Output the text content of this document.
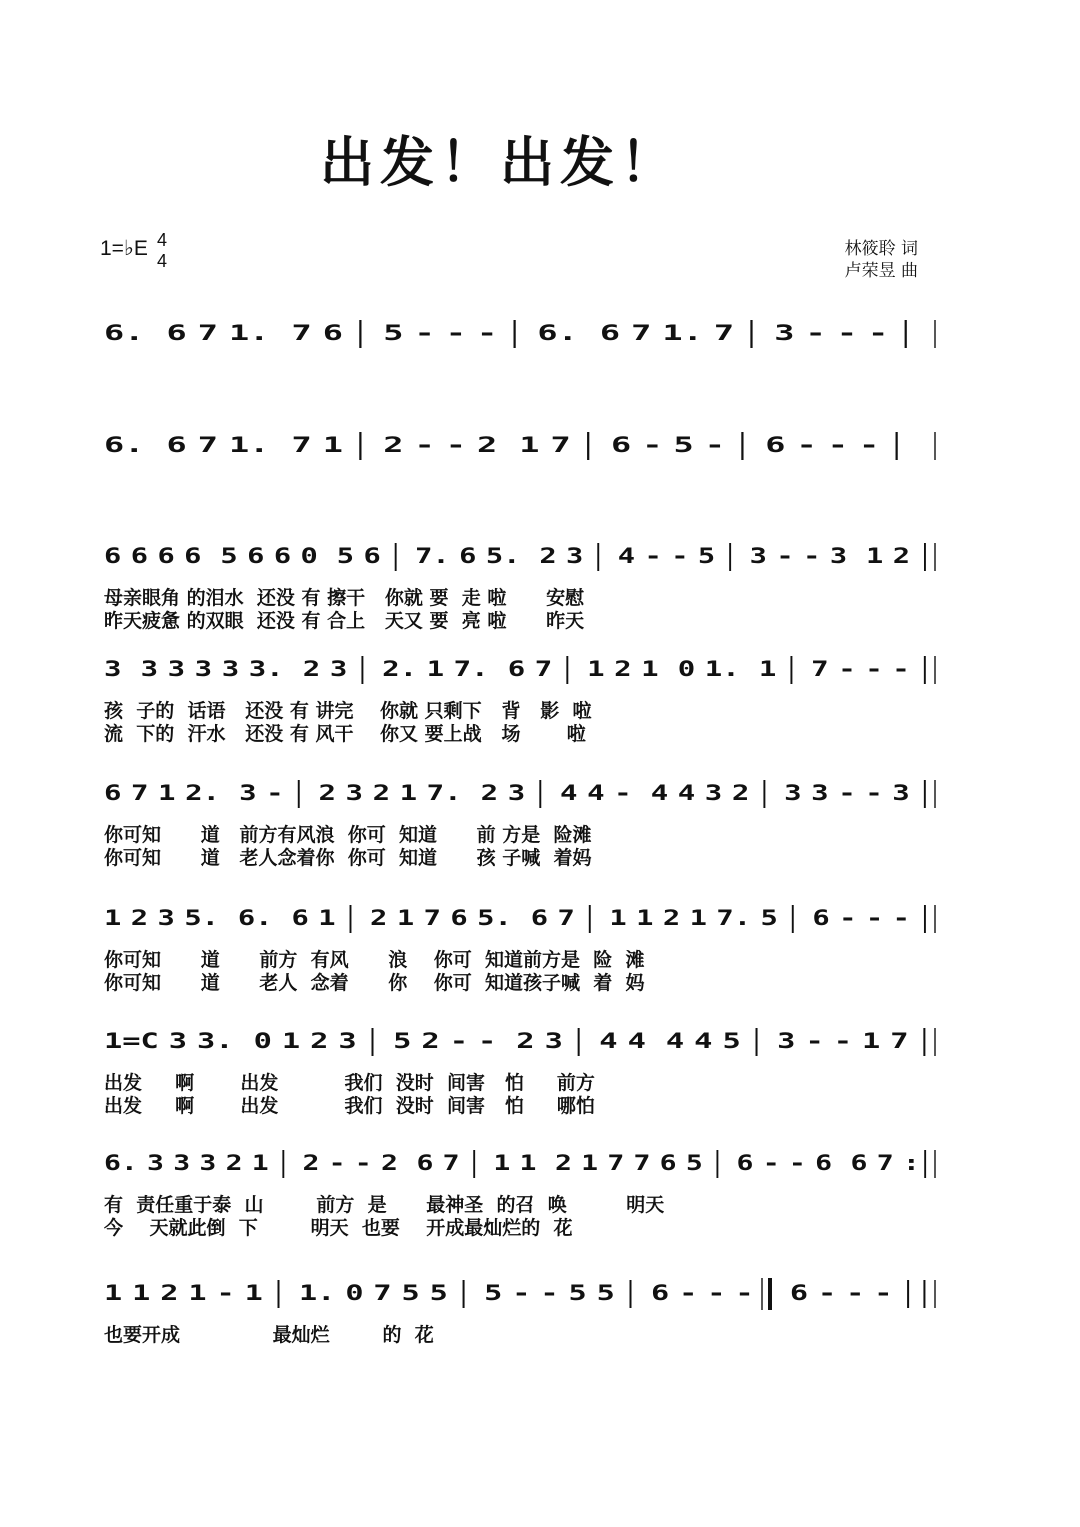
出发！出发！
1=♭E 4
4
林筱聆 词
卢荣昱 曲
6 . 6 7 1 . 7 6 5 - - - 6 . 6 7 1 . 7 3 - - -
6 . 6 7 1 . 7 1 2 - - 2 1 7 6 - 5 - 6 - - -
6 6 6 6 5 6 6 0 5 6 7 . 6 5 . 2 3 4 - - 5 3 - - 3 1 2
3 3 3 3 3 3 . 2 3 2 . 1 7 . 6 7 1 2 1 0 1 . 1 7 - - -
6 7 1 2 . 3 - 2 3 2 1 7 . 2 3 4 4 - 4 4 3 2 3 3 - - 3
1 2 3 5 . 6 . 6 1 2 1 7 6 5 . 6 7 1 1 2 1 7 . 5 6 - - -
1 = C 3 3 . 0 1 2 3 5 2 - - 2 3 4 4 4 4 5 3 - - 1 7
6 . 3 3 3 2 1 2 - - 2 6 7 1 1 2 1 7 7 6 5 6 - - 6 6 7 :
1 1 2 1 - 1 1 . 0 7 5 5 5 - - 5 5 6 - - - 6 - - -
母亲眼角 的泪水  还没 有 擦干   你就 要  走 啦      安慰
昨天疲惫 的双眼  还没 有 合上   天又 要  亮 啦      昨天
孩  子的  话语   还没 有 讲完    你就 只剩下   背   影  啦
流  下的  汗水   还没 有 风干    你又 要上战   场       啦
你可知      道   前方有风浪  你可  知道      前 方是  险滩
你可知      道   老人念着你  你可  知道      孩 子喊  着妈
你可知      道      前方  有风      浪    你可  知道前方是  险  滩
你可知      道      老人  念着      你    你可  知道孩子喊  着  妈
出发     啊       出发          我们  没时  间害   怕     前方
出发     啊       出发          我们  没时  间害   怕     哪怕
有  责任重于泰  山        前方  是      最神圣  的召  唤         明天
今    天就此倒  下        明天  也要    开成最灿烂的  花
也要开成              最灿烂        的  花
